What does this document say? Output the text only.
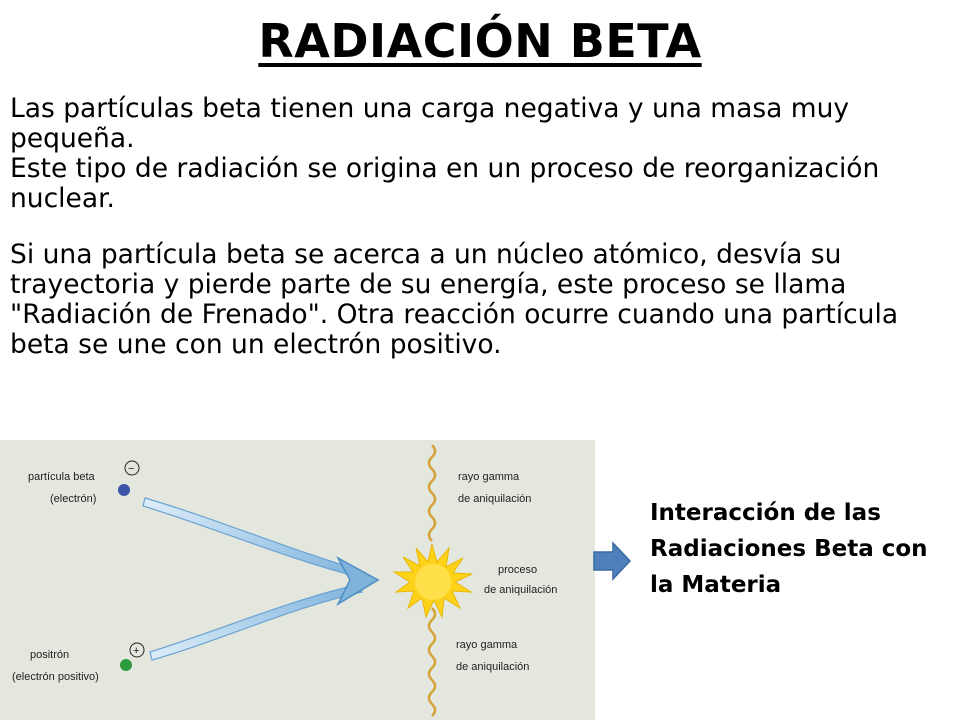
RADIACIÓN BETA

Las partículas beta tienen una carga negativa y una masa muy pequeña.
Este tipo de radiación se origina en un proceso de reorganización nuclear.

Si una partícula beta se acerca a un núcleo atómico, desvía su trayectoria y pierde parte de su energía, este proceso se llama "Radiación de Frenado". Otra reacción ocurre cuando una partícula beta se une con un electrón positivo.

partícula beta
(electrón)
−
positrón
(electrón positivo)
+
rayo gamma
de aniquilación
proceso
de aniquilación
rayo gamma
de aniquilación

Interacción de las Radiaciones Beta con la Materia
